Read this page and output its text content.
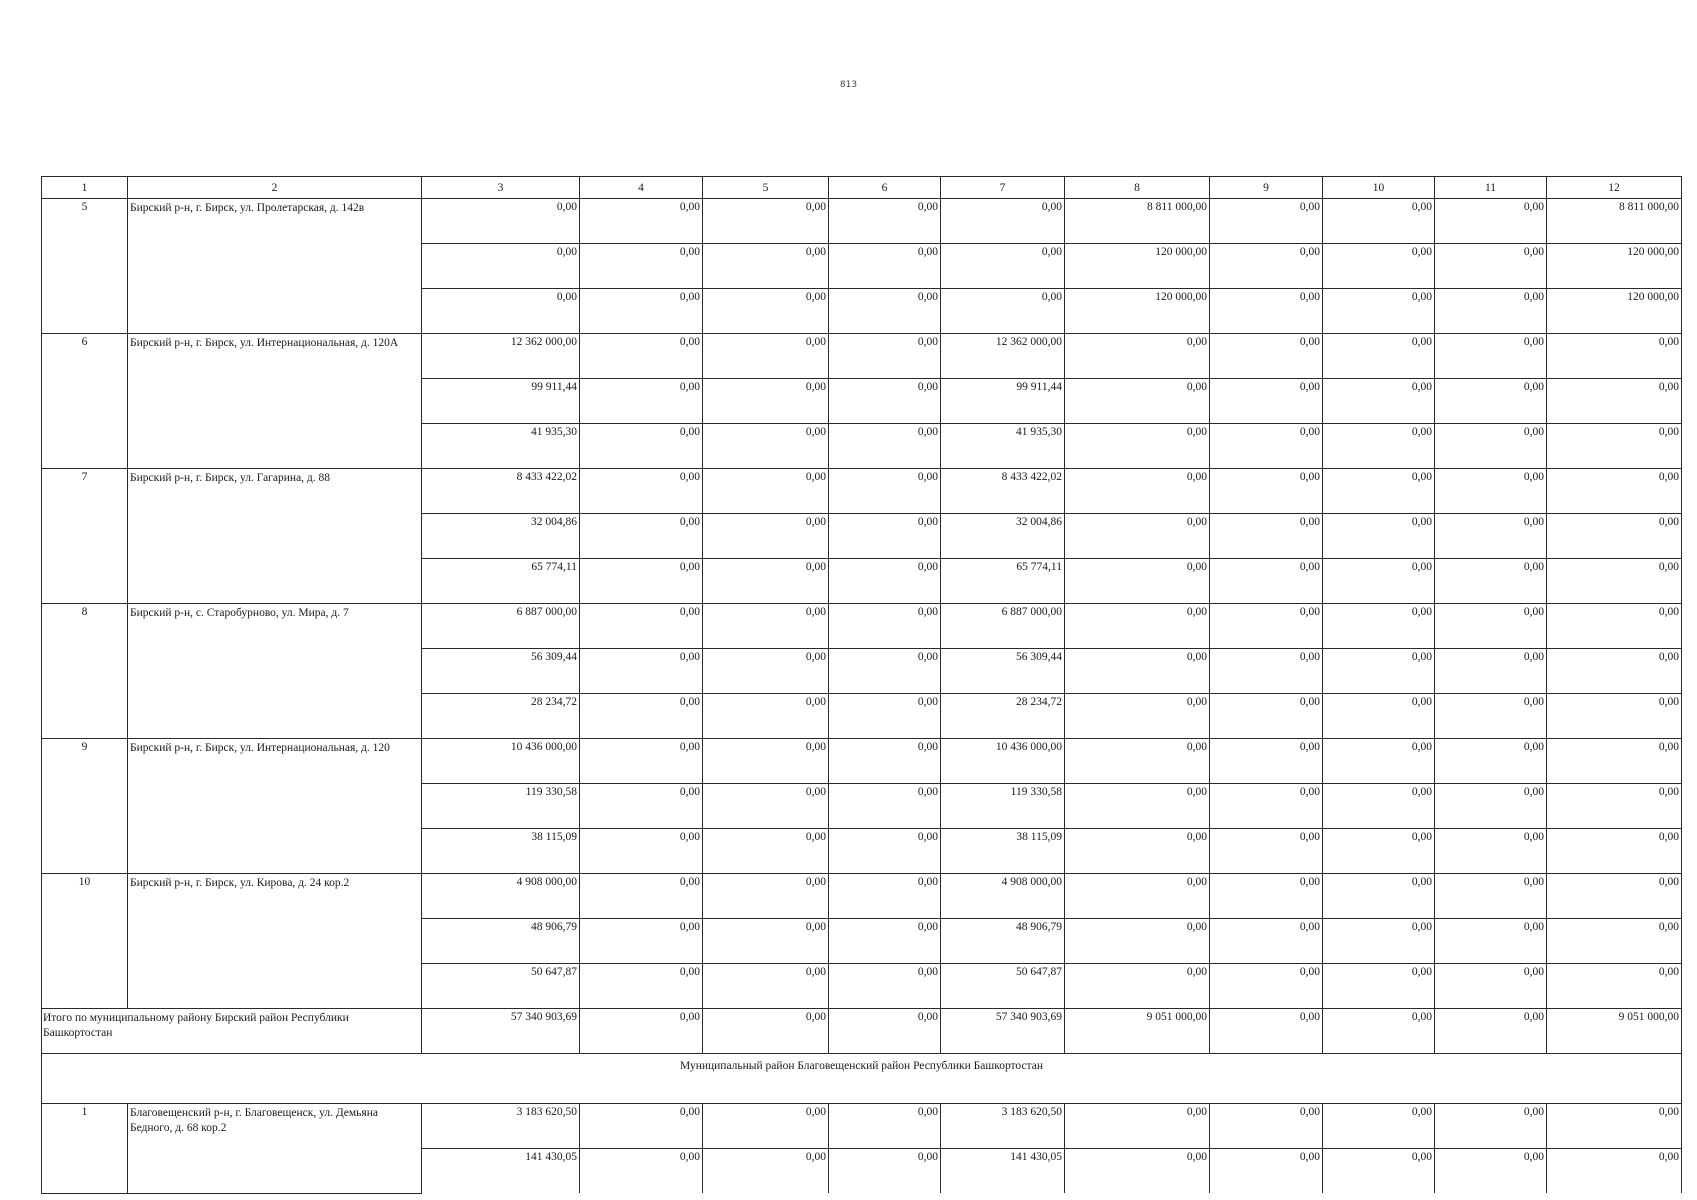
813
1	2	3	4	5	6	7	8	9	10	11	12
5	Бирский р-н, г. Бирск, ул. Пролетарская, д. 142в	0,00	0,00	0,00	0,00	0,00	8 811 000,00	0,00	0,00	0,00	8 811 000,00
		0,00	0,00	0,00	0,00	0,00	120 000,00	0,00	0,00	0,00	120 000,00
		0,00	0,00	0,00	0,00	0,00	120 000,00	0,00	0,00	0,00	120 000,00
6	Бирский р-н, г. Бирск, ул. Интернациональная, д. 120А	12 362 000,00	0,00	0,00	0,00	12 362 000,00	0,00	0,00	0,00	0,00	0,00
		99 911,44	0,00	0,00	0,00	99 911,44	0,00	0,00	0,00	0,00	0,00
		41 935,30	0,00	0,00	0,00	41 935,30	0,00	0,00	0,00	0,00	0,00
7	Бирский р-н, г. Бирск, ул. Гагарина, д. 88	8 433 422,02	0,00	0,00	0,00	8 433 422,02	0,00	0,00	0,00	0,00	0,00
		32 004,86	0,00	0,00	0,00	32 004,86	0,00	0,00	0,00	0,00	0,00
		65 774,11	0,00	0,00	0,00	65 774,11	0,00	0,00	0,00	0,00	0,00
8	Бирский р-н, с. Старобурново, ул. Мира, д. 7	6 887 000,00	0,00	0,00	0,00	6 887 000,00	0,00	0,00	0,00	0,00	0,00
		56 309,44	0,00	0,00	0,00	56 309,44	0,00	0,00	0,00	0,00	0,00
		28 234,72	0,00	0,00	0,00	28 234,72	0,00	0,00	0,00	0,00	0,00
9	Бирский р-н, г. Бирск, ул. Интернациональная, д. 120	10 436 000,00	0,00	0,00	0,00	10 436 000,00	0,00	0,00	0,00	0,00	0,00
		119 330,58	0,00	0,00	0,00	119 330,58	0,00	0,00	0,00	0,00	0,00
		38 115,09	0,00	0,00	0,00	38 115,09	0,00	0,00	0,00	0,00	0,00
10	Бирский р-н, г. Бирск, ул. Кирова, д. 24 кор.2	4 908 000,00	0,00	0,00	0,00	4 908 000,00	0,00	0,00	0,00	0,00	0,00
		48 906,79	0,00	0,00	0,00	48 906,79	0,00	0,00	0,00	0,00	0,00
		50 647,87	0,00	0,00	0,00	50 647,87	0,00	0,00	0,00	0,00	0,00
Итого по муниципальному району Бирский район Республики Башкортостан		57 340 903,69	0,00	0,00	0,00	57 340 903,69	9 051 000,00	0,00	0,00	0,00	9 051 000,00
Муниципальный район Благовещенский район Республики Башкортостан											
1	Благовещенский р-н, г. Благовещенск, ул. Демьяна Бедного, д. 68 кор.2	3 183 620,50	0,00	0,00	0,00	3 183 620,50	0,00	0,00	0,00	0,00	0,00
		141 430,05	0,00	0,00	0,00	141 430,05	0,00	0,00	0,00	0,00	0,00
